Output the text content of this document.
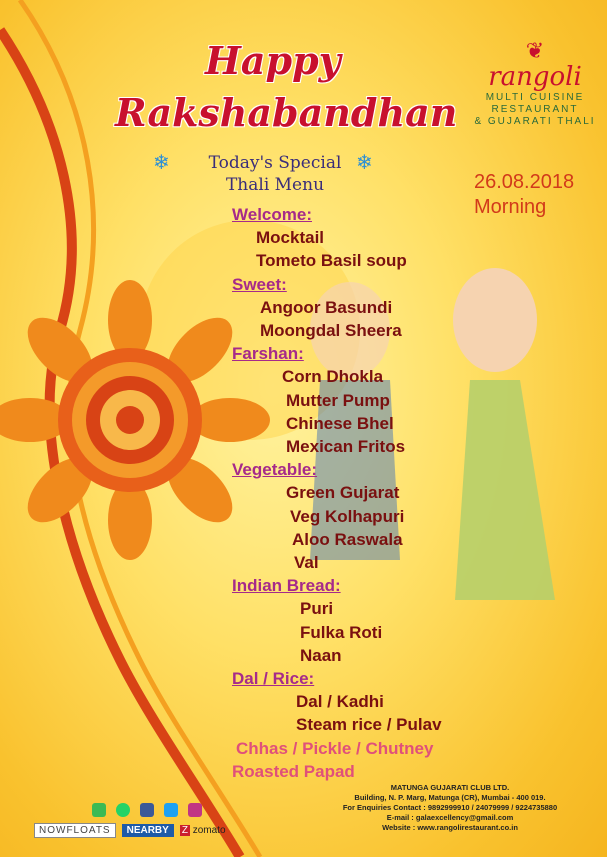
Happy
Rakshabandhan
❄	❄
Today's Special
Thali Menu
❦
rangoli
MULTI CUISINE
RESTAURANT
& GUJARATI THALI
26.08.2018
Morning
Welcome:
Mocktail
Tometo Basil soup
Sweet:
Angoor Basundi
Moongdal Sheera
Farshan:
Corn Dhokla
Mutter Pump
Chinese Bhel
Mexican Fritos
Vegetable:
Green Gujarat
Veg Kolhapuri
Aloo Raswala
Val
Indian Bread:
Puri
Fulka Roti
Naan
Dal / Rice:
Dal / Kadhi
Steam rice / Pulav
Chhas / Pickle / Chutney
Roasted Papad
NOWFLOATS	NEARBY	Z zomato
MATUNGA GUJARATI CLUB LTD.
Building, N. P. Marg, Matunga (CR), Mumbai - 400 019.
For Enquiries Contact : 9892999910 / 24079999 / 9224735880
E-mail : galaexcellency@gmail.com
Website : www.rangolirestaurant.co.in
